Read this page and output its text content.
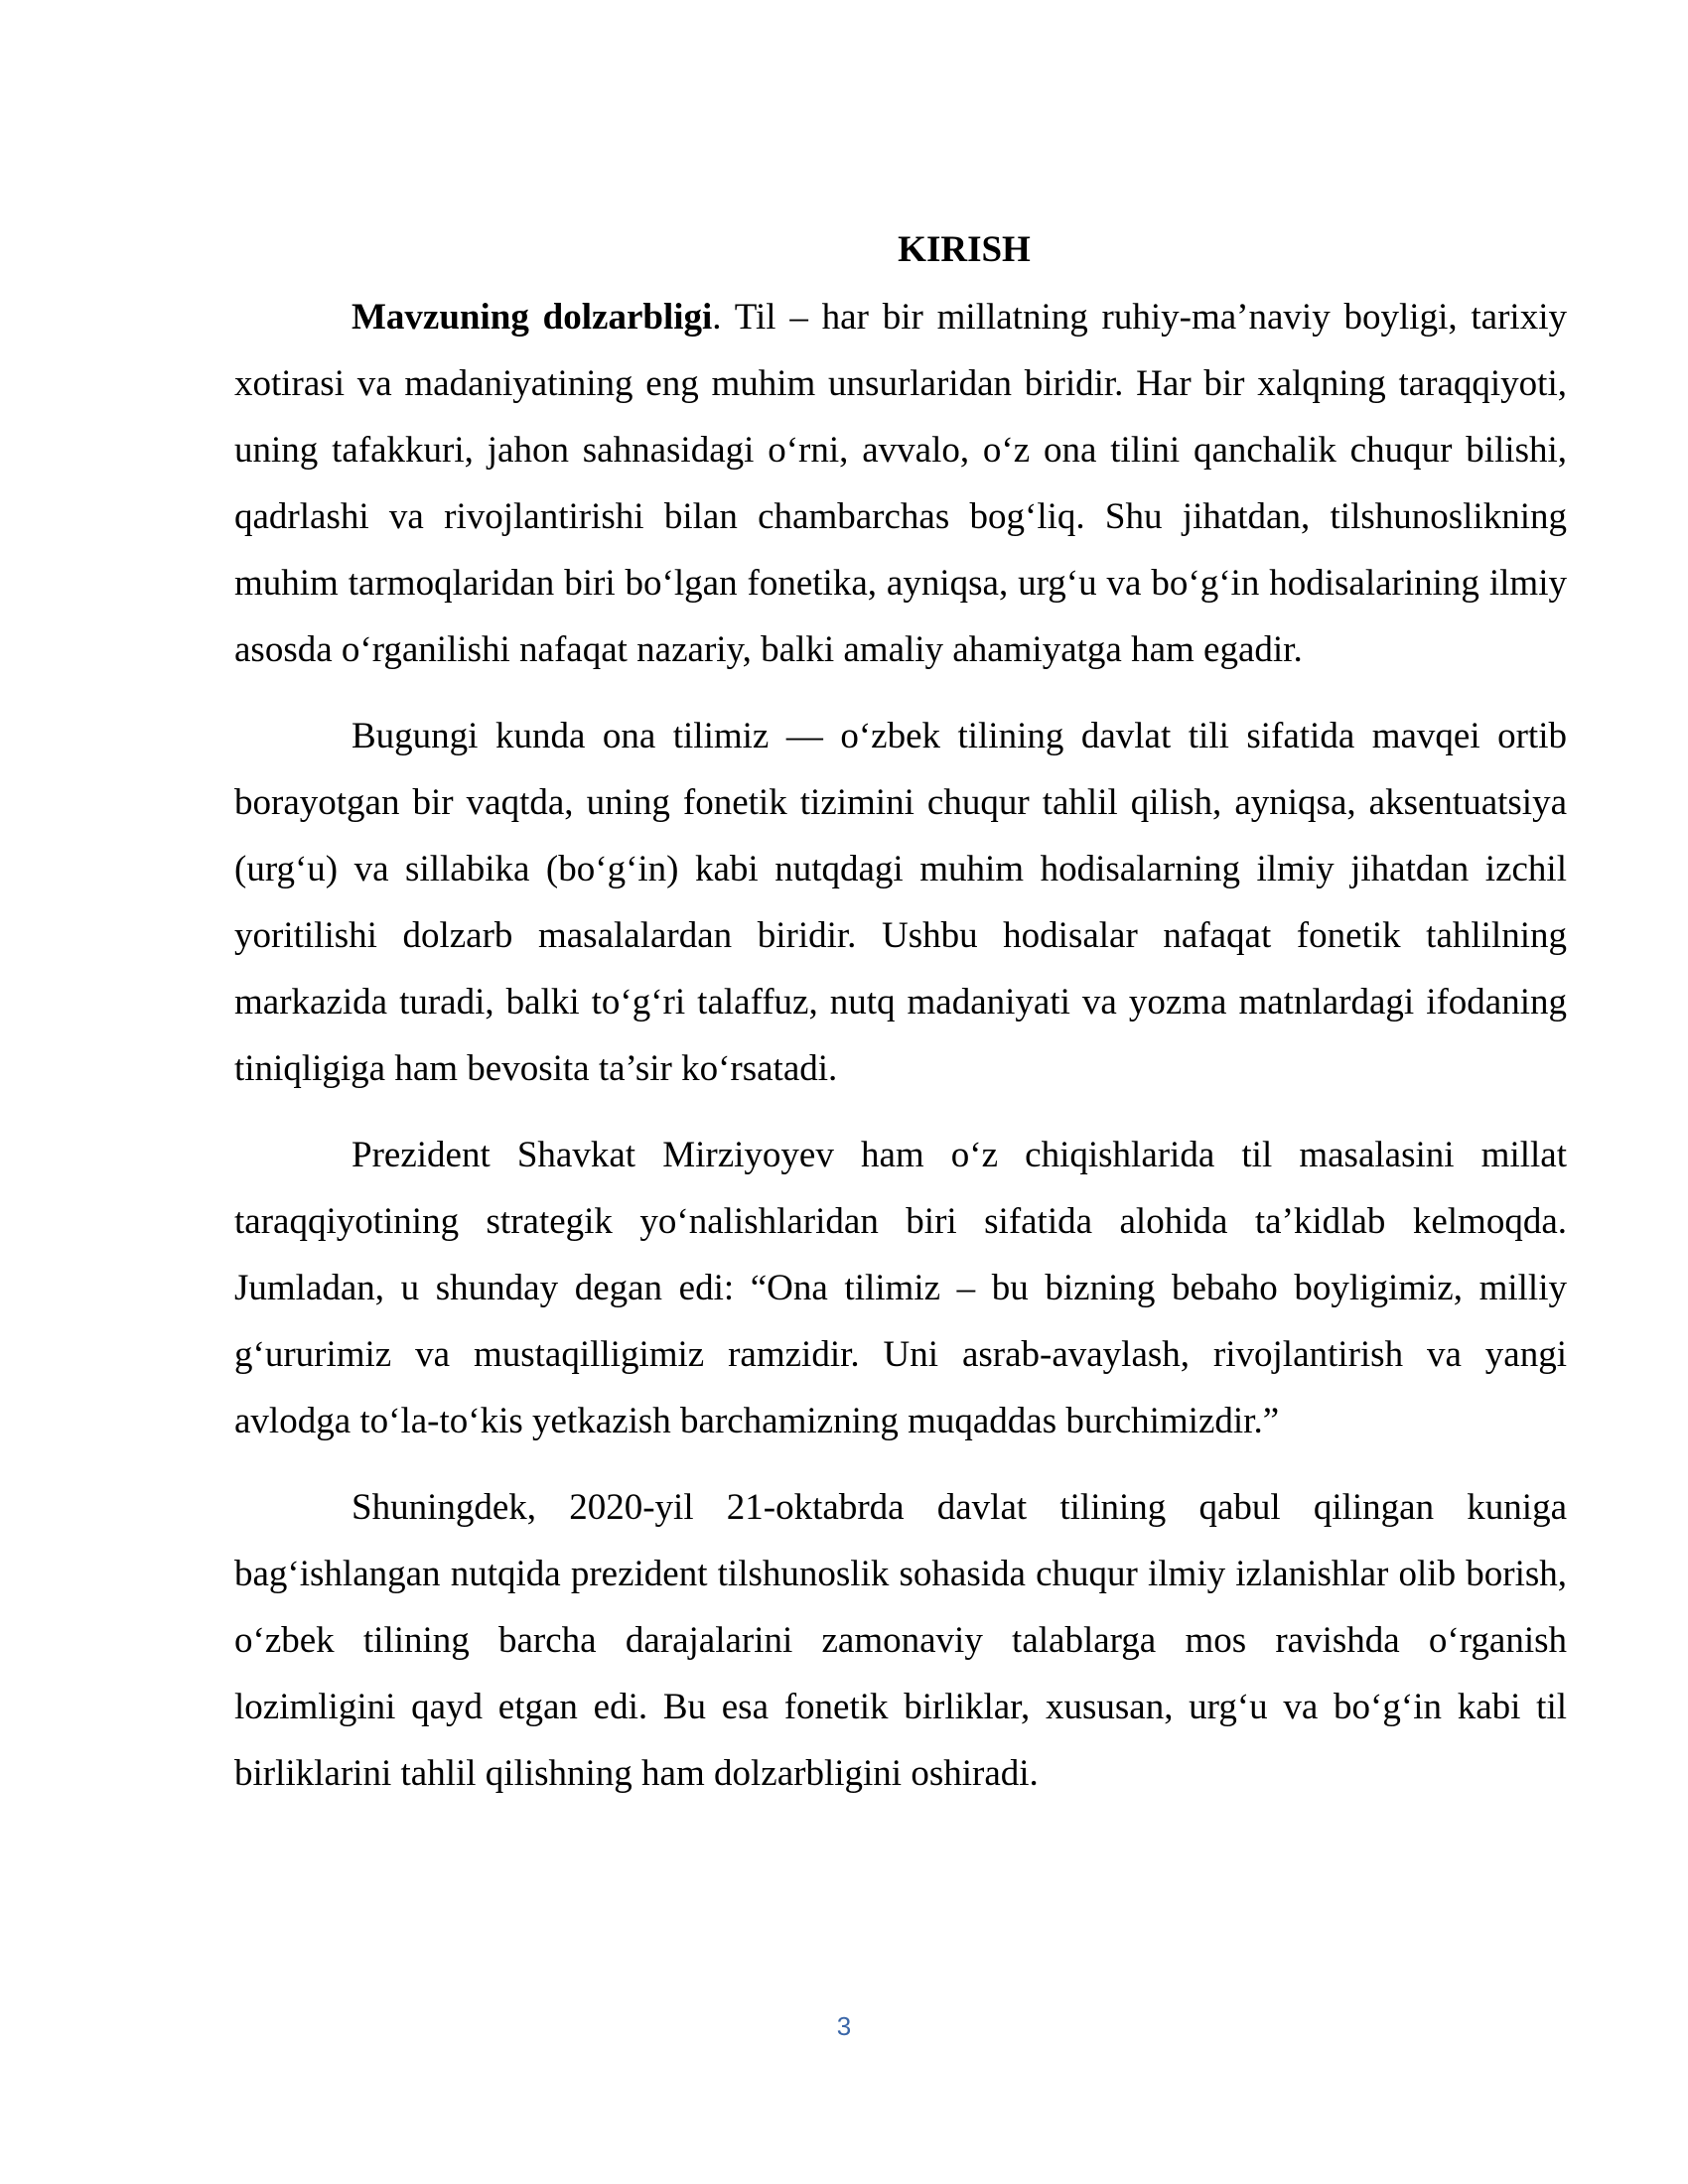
KIRISH

Mavzuning dolzarbligi. Til – har bir millatning ruhiy-ma’naviy boyligi, tarixiy xotirasi va madaniyatining eng muhim unsurlaridan biridir. Har bir xalqning taraqqiyoti, uning tafakkuri, jahon sahnasidagi o‘rni, avvalo, o‘z ona tilini qanchalik chuqur bilishi, qadrlashi va rivojlantirishi bilan chambarchas bog‘liq. Shu jihatdan, tilshunoslikning muhim tarmoqlaridan biri bo‘lgan fonetika, ayniqsa, urg‘u va bo‘g‘in hodisalarining ilmiy asosda o‘rganilishi nafaqat nazariy, balki amaliy ahamiyatga ham egadir.

Bugungi kunda ona tilimiz — o‘zbek tilining davlat tili sifatida mavqei ortib borayotgan bir vaqtda, uning fonetik tizimini chuqur tahlil qilish, ayniqsa, aksentuatsiya (urg‘u) va sillabika (bo‘g‘in) kabi nutqdagi muhim hodisalarning ilmiy jihatdan izchil yoritilishi dolzarb masalalardan biridir. Ushbu hodisalar nafaqat fonetik tahlilning markazida turadi, balki to‘g‘ri talaffuz, nutq madaniyati va yozma matnlardagi ifodaning tiniqligiga ham bevosita ta’sir ko‘rsatadi.

Prezident Shavkat Mirziyoyev ham o‘z chiqishlarida til masalasini millat taraqqiyotining strategik yo‘nalishlaridan biri sifatida alohida ta’kidlab kelmoqda. Jumladan, u shunday degan edi: “Ona tilimiz – bu bizning bebaho boyligimiz, milliy g‘ururimiz va mustaqilligimiz ramzidir. Uni asrab-avaylash, rivojlantirish va yangi avlodga to‘la-to‘kis yetkazish barchamizning muqaddas burchimizdir.”

Shuningdek, 2020-yil 21-oktabrda davlat tilining qabul qilingan kuniga bag‘ishlangan nutqida prezident tilshunoslik sohasida chuqur ilmiy izlanishlar olib borish, o‘zbek tilining barcha darajalarini zamonaviy talablarga mos ravishda o‘rganish lozimligini qayd etgan edi. Bu esa fonetik birliklar, xususan, urg‘u va bo‘g‘in kabi til birliklarini tahlil qilishning ham dolzarbligini oshiradi.

3
